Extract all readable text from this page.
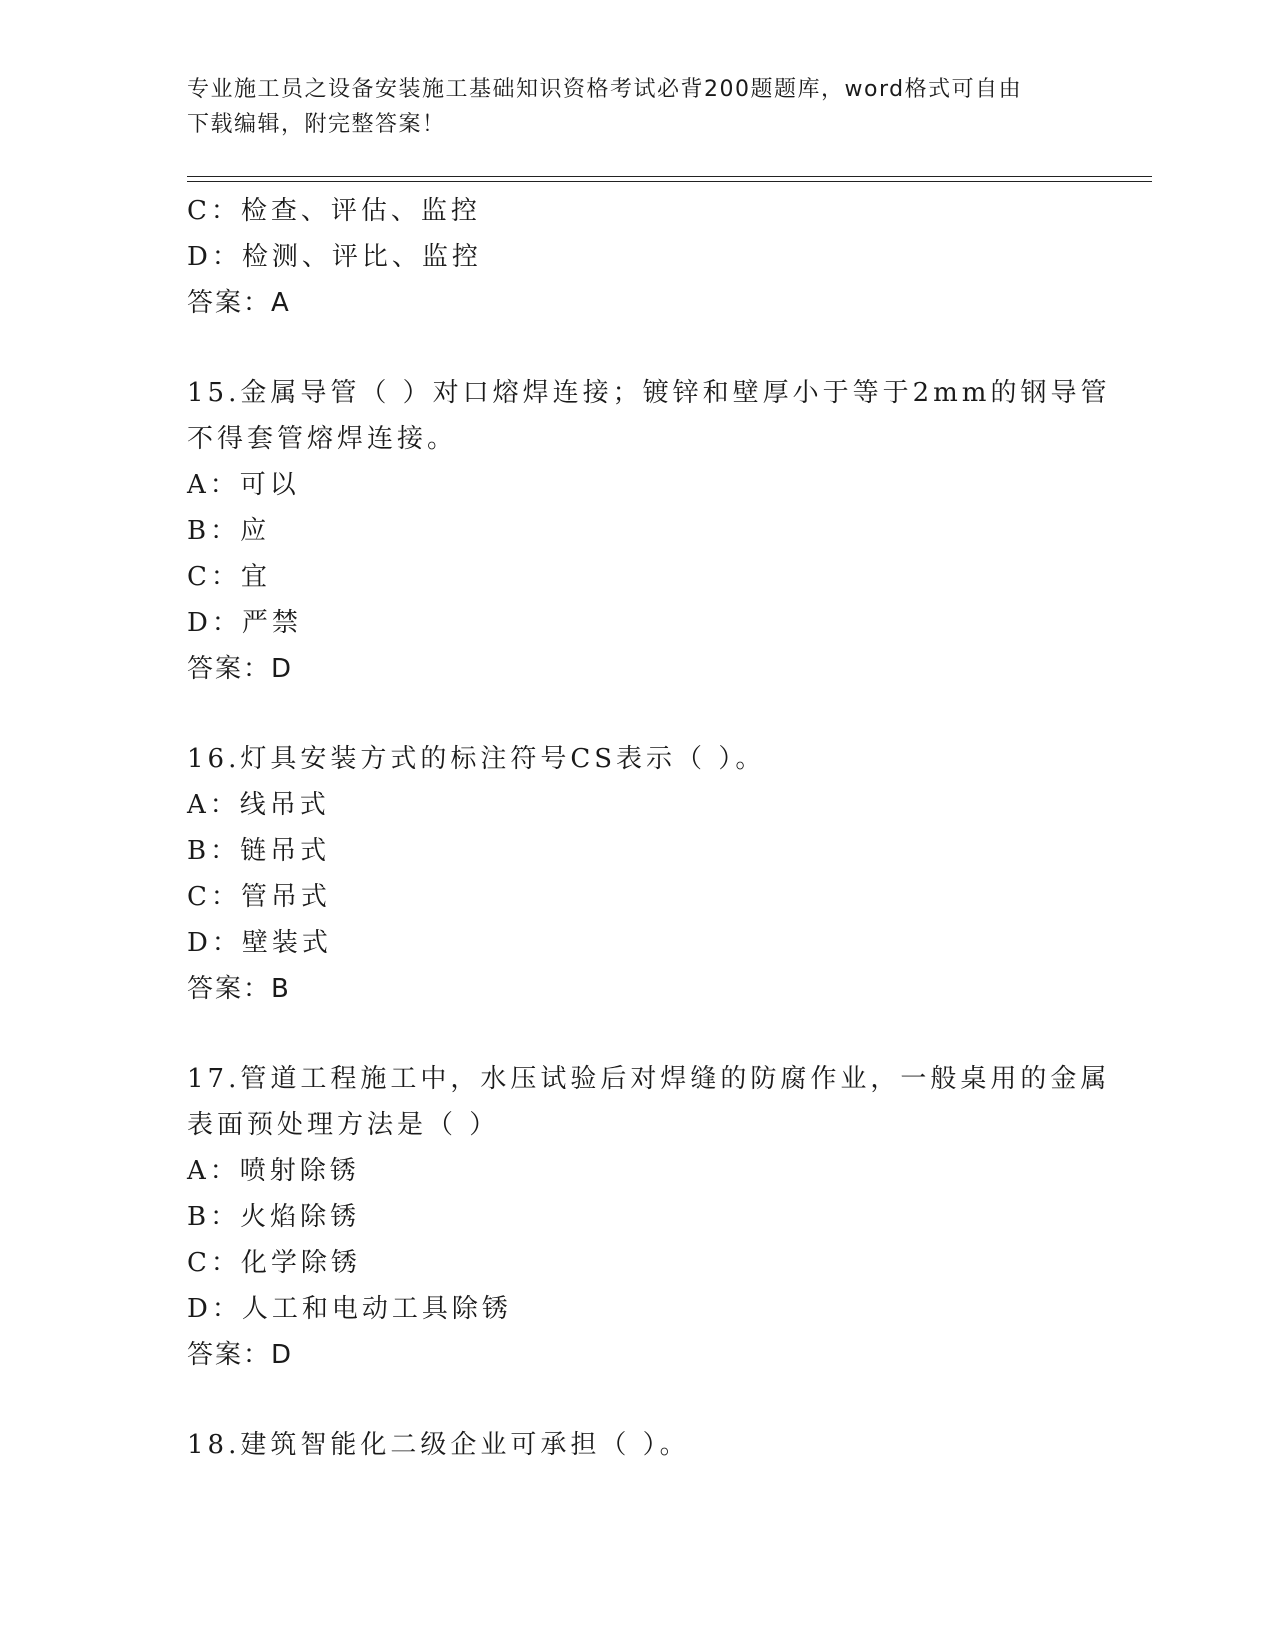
专业施工员之设备安装施工基础知识资格考试必背200题题库，word格式可自由
下载编辑，附完整答案！
C：检查、评估、监控
D：检测、评比、监控
答案：A
15.金属导管（ ）对口熔焊连接；镀锌和壁厚小于等于2mm的钢导管
不得套管熔焊连接。
A：可以
B：应
C：宜
D：严禁
答案：D
16.灯具安装方式的标注符号CS表示（ ）。
A：线吊式
B：链吊式
C：管吊式
D：壁装式
答案：B
17.管道工程施工中，水压试验后对焊缝的防腐作业，一般桌用的金属
表面预处理方法是（ ）
A：喷射除锈
B：火焰除锈
C：化学除锈
D：人工和电动工具除锈
答案：D
18.建筑智能化二级企业可承担（ ）。
